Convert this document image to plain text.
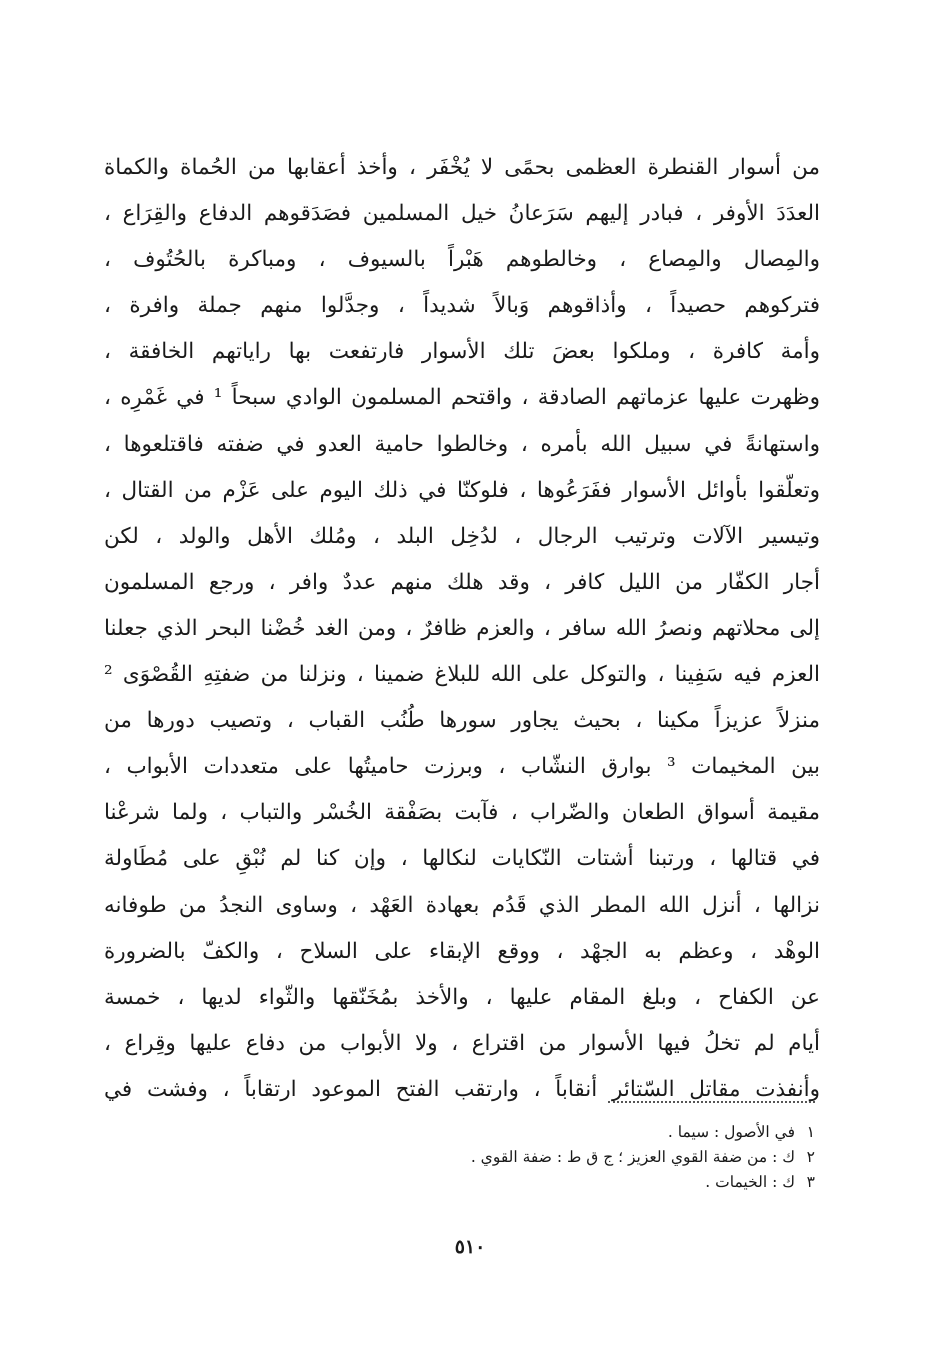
من أسوار القنطرة العظمى بحمًى لا يُخْفَر ، وأخذ أعقابها من الحُماة والكماة
العدَدَ الأوفر ، فبادر إليهم سَرَعانُ خيل المسلمين فصَدَقوهم الدفاع والقِرَاع ،
والمِصال والمِصاع ، وخالطوهم هَبْراً بالسيوف ، ومباكرة بالحُتُوف ،
فتركوهم حصيداً ، وأذاقوهم وَبالاً شديداً ، وجدَّلوا منهم جملة وافرة ،
وأمة كافرة ، وملكوا بعضَ تلك الأسوار فارتفعت بها راياتهم الخافقة ،
وظهرت عليها عزماتهم الصادقة ، واقتحم المسلمون الوادي سبحاً ¹ في غَمْرِه ،
واستهانةً في سبيل الله بأمره ، وخالطوا حامية العدو في ضفته فاقتلعوها ،
وتعلّقوا بأوائل الأسوار ففَرَعُوها ، فلوكنّا في ذلك اليوم على عَزْم من القتال ،
وتيسير الآلات وترتيب الرجال ، لدُخِل البلد ، ومُلك الأهل والولد ، لكن
أجار الكفّار من الليل كافر ، وقد هلك منهم عددٌ وافر ، ورجع المسلمون
إلى محلاتهم ونصرُ الله سافر ، والعزم ظافرٌ ، ومن الغد خُضْنا البحر الذي جعلنا
العزم فيه سَفِينا ، والتوكل على الله للبلاغ ضمينا ، ونزلنا من ضفتِهِ القُصْوَى ²
منزلاً عزيزاً مكينا ، بحيث يجاور سورها طُنُب القباب ، وتصيب دورها من
بين المخيمات ³ بوارق النشّاب ، وبرزت حاميتُها على متعددات الأبواب ،
مقيمة أسواق الطعان والضّراب ، فآبت بصَفْقة الخُسْر والتباب ، ولما شرعْنا
في قتالها ، ورتبنا أشتات النّكايات لنكالها ، وإن كنا لم نُبْقِ على مُطَاولة
نزالها ، أنزل الله المطر الذي قَدُم بعهادة العَهْد ، وساوى النجدُ من طوفانه
الوهْد ، وعظم به الجهْد ، ووقع الإبقاء على السلاح ، والكفّ بالضرورة
عن الكفاح ، وبلغ المقام عليها ، والأخذ بمُخَنّقها والثّواء لديها ، خمسة
أيام لم تخلُ فيها الأسوار من اقتراع ، ولا الأبواب من دفاع عليها وقِراع ،
وأنفذت مقاتل السّتائر أنقاباً ، وارتقب الفتح الموعود ارتقاباً ، وفشت في
١
في الأصول : سيما .
٢
ك : من ضفة القوي العزيز ؛ ج ق ط : ضفة القوي .
٣
ك : الخيمات .
٥١٠
